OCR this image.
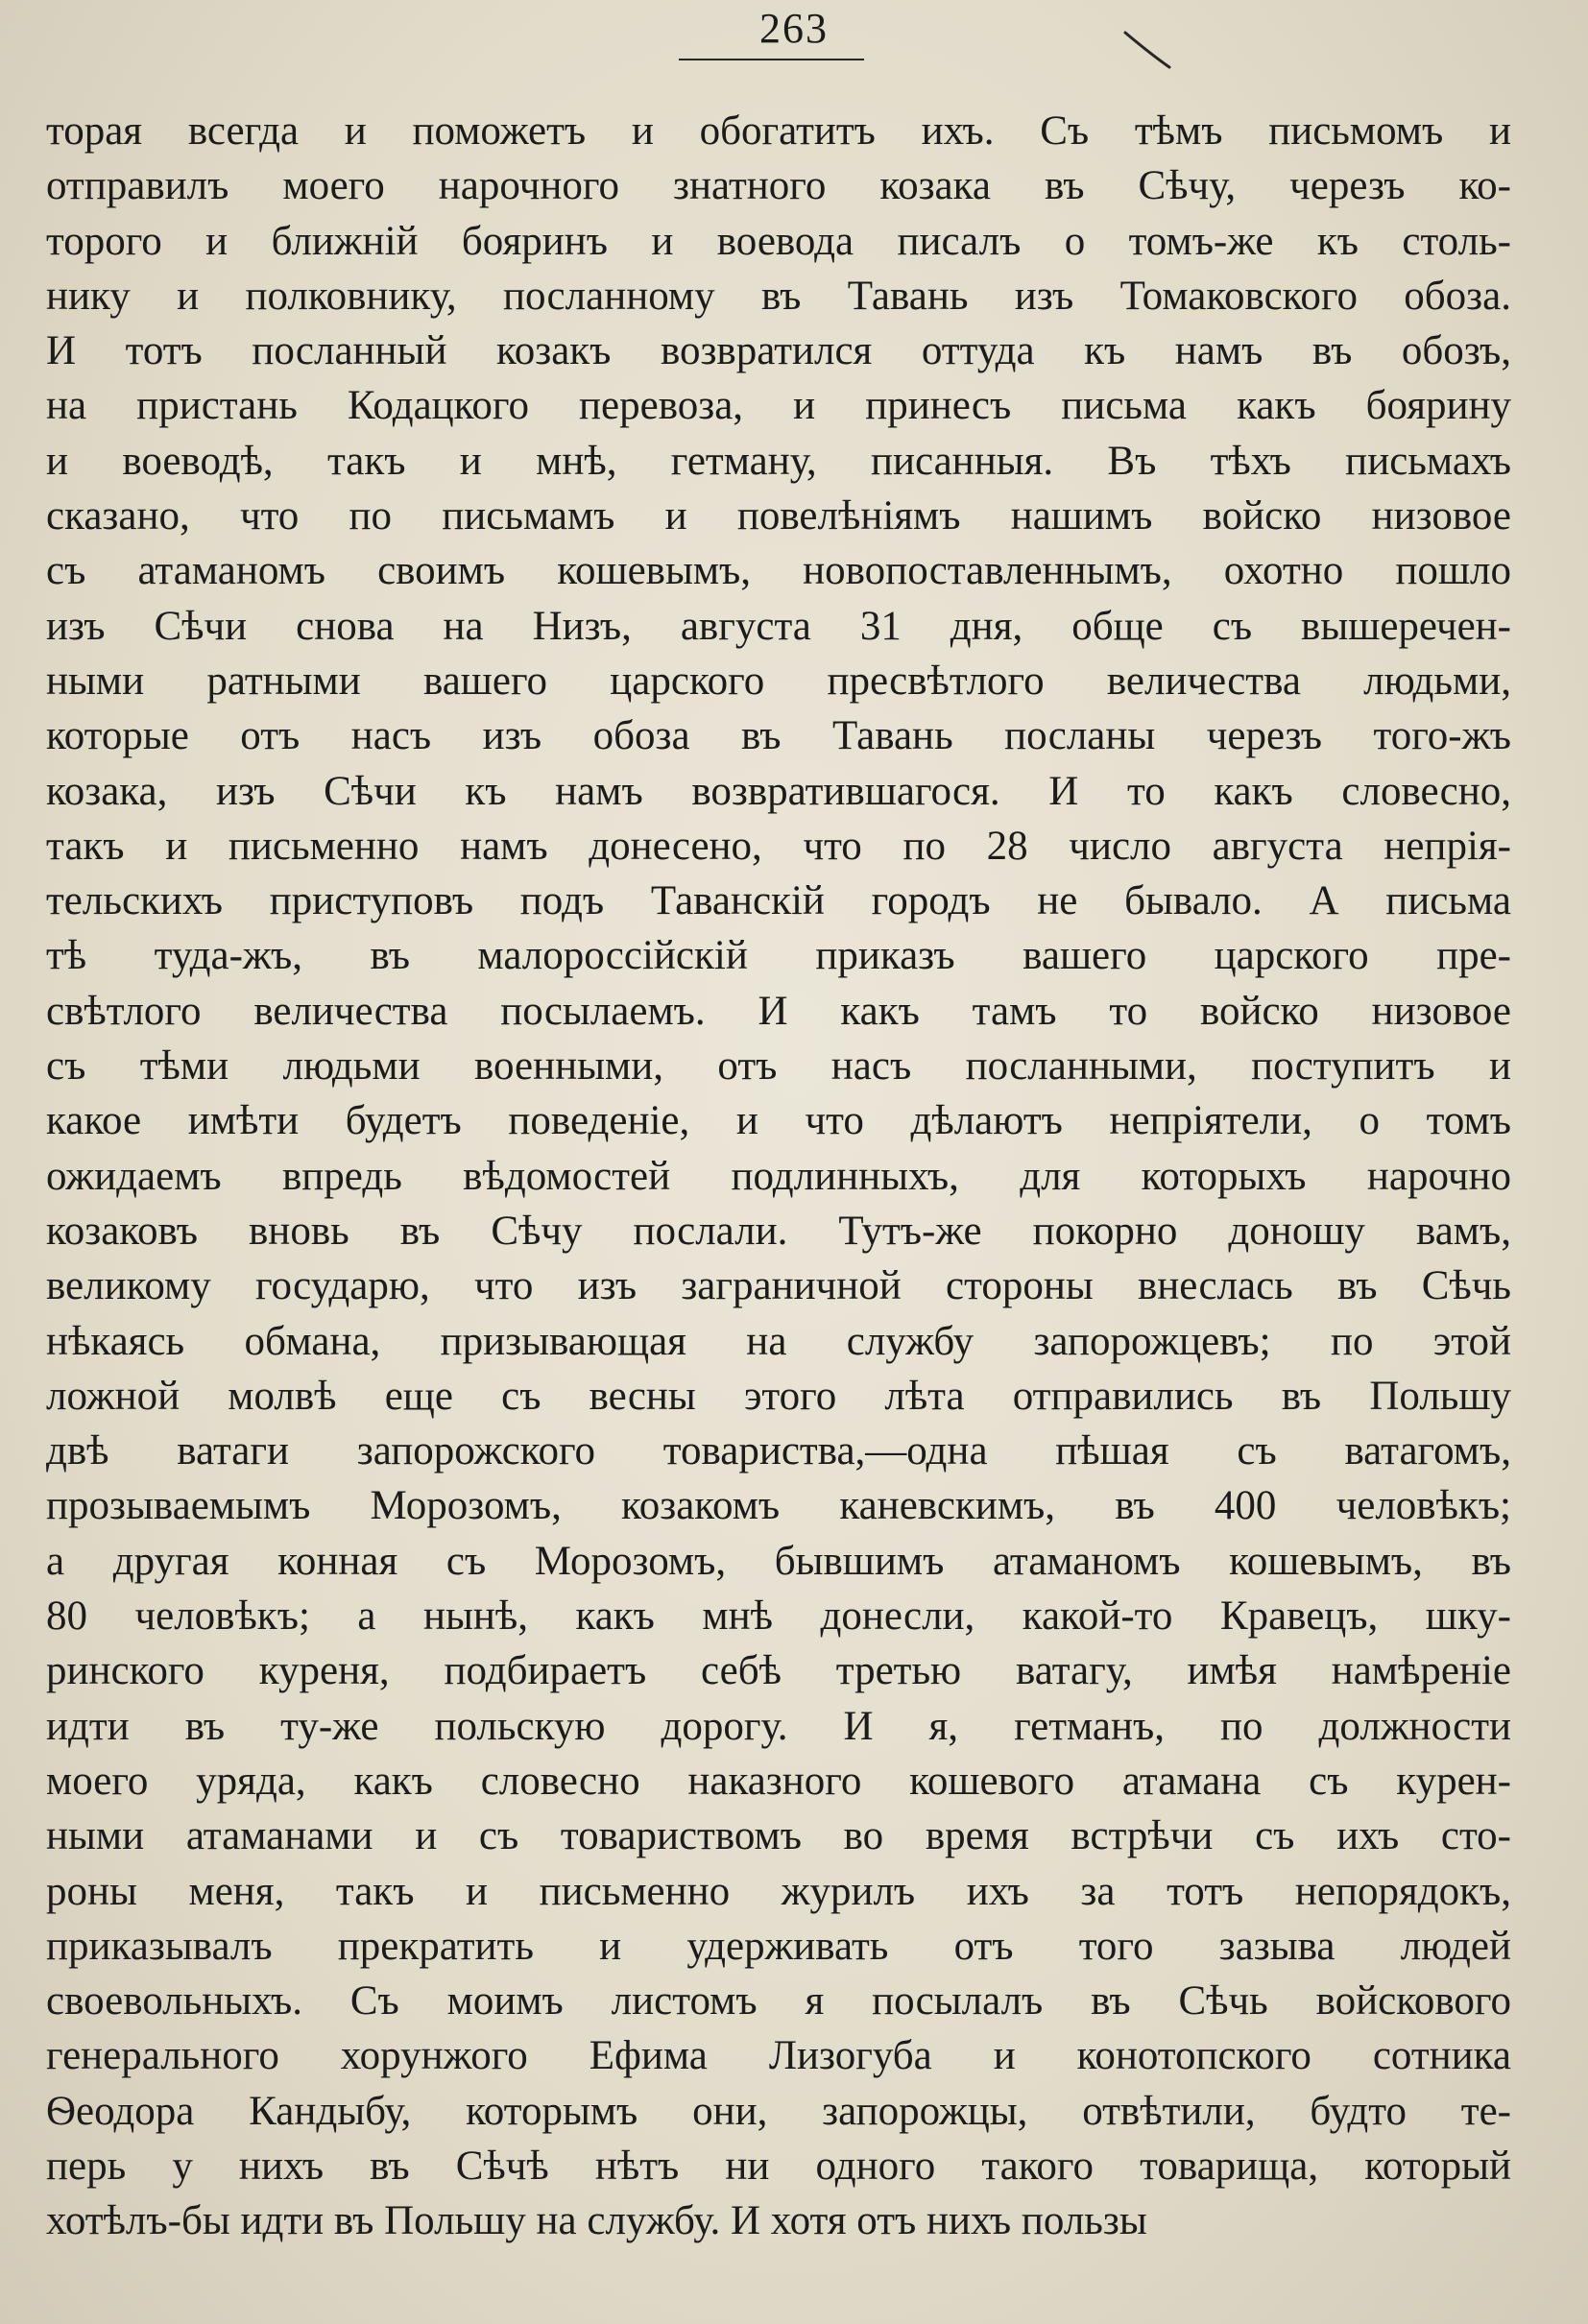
263
торая всегда и поможетъ и обогатитъ ихъ. Съ тѣмъ письмомъ и
отправилъ моего нарочного знатного козака въ Сѣчу, черезъ ко-
торого и ближній бояринъ и воевода писалъ о томъ-же къ столь-
нику и полковнику, посланному въ Тавань изъ Томаковского обоза.
И тотъ посланный козакъ возвратился оттуда къ намъ въ обозъ,
на пристань Кодацкого перевоза, и принесъ письма какъ боярину
и воеводѣ, такъ и мнѣ, гетману, писанныя. Въ тѣхъ письмахъ
сказано, что по письмамъ и повелѣніямъ нашимъ войско низовое
съ атаманомъ своимъ кошевымъ, новопоставленнымъ, охотно пошло
изъ Сѣчи снова на Низъ, августа 31 дня, обще съ вышеречен-
ными ратными вашего царского пресвѣтлого величества людьми,
которые отъ насъ изъ обоза въ Тавань посланы черезъ того-жъ
козака, изъ Сѣчи къ намъ возвратившагося. И то какъ словесно,
такъ и письменно намъ донесено, что по 28 число августа непрія-
тельскихъ приступовъ подъ Таванскій городъ не бывало. А письма
тѣ туда-жъ, въ малороссійскій приказъ вашего царского пре-
свѣтлого величества посылаемъ. И какъ тамъ то войско низовое
съ тѣми людьми военными, отъ насъ посланными, поступитъ и
какое имѣти будетъ поведеніе, и что дѣлаютъ непріятели, о томъ
ожидаемъ впредь вѣдомостей подлинныхъ, для которыхъ нарочно
козаковъ вновь въ Сѣчу послали. Тутъ-же покорно доношу вамъ,
великому государю, что изъ заграничной стороны внеслась въ Сѣчь
нѣкаясь обмана, призывающая на службу запорожцевъ; по этой
ложной молвѣ еще съ весны этого лѣта отправились въ Польшу
двѣ ватаги запорожского товариства,—одна пѣшая съ ватагомъ,
прозываемымъ Морозомъ, козакомъ каневскимъ, въ 400 человѣкъ;
а другая конная съ Морозомъ, бывшимъ атаманомъ кошевымъ, въ
80 человѣкъ; а нынѣ, какъ мнѣ донесли, какой-то Кравецъ, шку-
ринского куреня, подбираетъ себѣ третью ватагу, имѣя намѣреніе
идти въ ту-же польскую дорогу. И я, гетманъ, по должности
моего уряда, какъ словесно наказного кошевого атамана съ курен-
ными атаманами и съ товариствомъ во время встрѣчи съ ихъ сто-
роны меня, такъ и письменно журилъ ихъ за тотъ непорядокъ,
приказывалъ прекратить и удерживать отъ того зазыва людей
своевольныхъ. Съ моимъ листомъ я посылалъ въ Сѣчь войскового
генерального хорунжого Ефима Лизогуба и конотопского сотника
Ѳеодора Кандыбу, которымъ они, запорожцы, отвѣтили, будто те-
перь у нихъ въ Сѣчѣ нѣтъ ни одного такого товарища, который
хотѣлъ-бы идти въ Польшу на службу. И хотя отъ нихъ пользы
